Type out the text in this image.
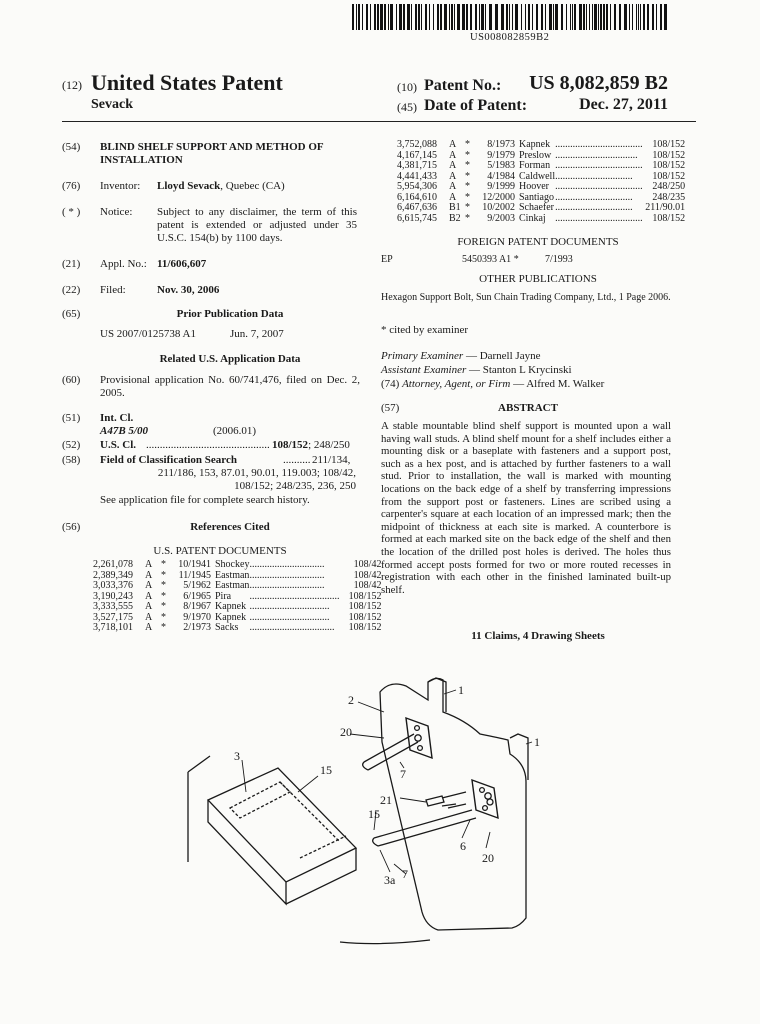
US008082859B2
(12) United States Patent
Sevack
(10) Patent No.: US 8,082,859 B2
(45) Date of Patent:	Dec. 27, 2011
(54) BLIND SHELF SUPPORT AND METHOD OF INSTALLATION
(76) Inventor: Lloyd Sevack, Quebec (CA)
( * ) Notice: Subject to any disclaimer, the term of this patent is extended or adjusted under 35 U.S.C. 154(b) by 1100 days.
(21) Appl. No.: 11/606,607
(22) Filed:	Nov. 30, 2006
(65)	Prior Publication Data
US 2007/0125738 A1	Jun. 7, 2007
Related U.S. Application Data
(60) Provisional application No. 60/741,476, filed on Dec. 2, 2005.
(51) Int. Cl.
A47B 5/00	(2006.01)
(52) U.S. Cl. .....	108/152; 248/250
(58) Field of Classification Search .....	211/134,
211/186, 153, 87.01, 90.01, 119.003; 108/42,
108/152; 248/235, 236, 250
See application file for complete search history.
(56)	References Cited
U.S. PATENT DOCUMENTS
2,261,078	A	*	10/1941	Shockey	.....	108/42
2,389,349	A	*	11/1945	Eastman	.....	108/42
3,033,376	A	*	5/1962	Eastman	.....	108/42
3,190,243	A	*	6/1965	Pira	.....	108/152
3,333,555	A	*	8/1967	Kapnek	.....	108/152
3,527,175	A	*	9/1970	Kapnek	.....	108/152
3,718,101	A	*	2/1973	Sacks	.....	108/152
3,752,088	A	*	8/1973	Kapnek	.....	108/152
4,167,145	A	*	9/1979	Preslow	.....	108/152
4,381,715	A	*	5/1983	Forman	.....	108/152
4,441,433	A	*	4/1984	Caldwell	.....	108/152
5,954,306	A	*	9/1999	Hoover	.....	248/250
6,164,610	A	*	12/2000	Santiago	.....	248/235
6,467,636	B1	*	10/2002	Schaefer	.....	211/90.01
6,615,745	B2	*	9/2003	Cinkaj	.....	108/152
FOREIGN PATENT DOCUMENTS
EP	5450393 A1 *	7/1993
OTHER PUBLICATIONS
Hexagon Support Bolt, Sun Chain Trading Company, Ltd., 1 Page 2006.
* cited by examiner
Primary Examiner — Darnell Jayne
Assistant Examiner — Stanton L Krycinski
(74) Attorney, Agent, or Firm — Alfred M. Walker
(57)	ABSTRACT
A stable mountable blind shelf support is mounted upon a wall having wall studs. A blind shelf mount for a shelf includes either a mounting disk or a baseplate with fasteners and a support post, such as a hex post, and is attached by further fasteners to a wall stud. Prior to installation, the wall is marked with mounting locations on the back edge of a shelf by transferring impressions from the support post or fasteners. Lines are scribed using a carpenter's square at each location of an impressed mark; then the midpoint of thickness at each site is marked. A counterbore is formed at each marked site on the back edge of the shelf and then the location of the drilled post holes is derived. The holes thus formed accept posts formed for two or more routed recesses in registration with each other in the finished laminated built-up shelf.
11 Claims, 4 Drawing Sheets
2
1
20
1
3
15	7
21
15
6
20
3a 7
